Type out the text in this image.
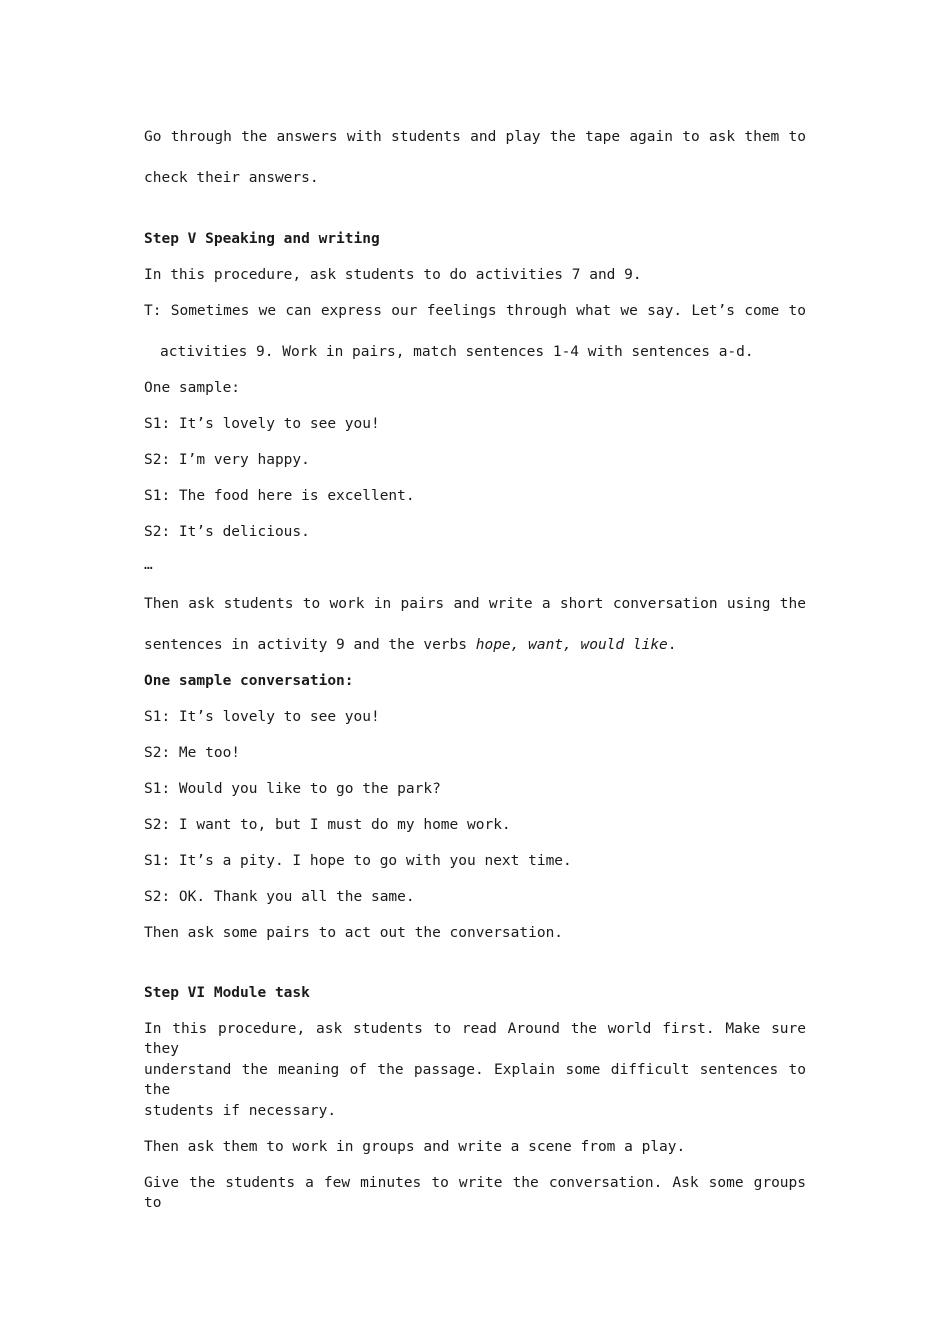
Go through the answers with students and play the tape again to ask them to
check their answers.
Step V Speaking and writing
In this procedure, ask students to do activities 7 and 9.
T: Sometimes we can express our feelings through what we say. Let’s come to
activities 9. Work in pairs, match sentences 1-4 with sentences a-d.
One sample:
S1: It’s lovely to see you!
S2: I’m very happy.
S1: The food here is excellent.
S2: It’s delicious.
…
Then ask students to work in pairs and write a short conversation using the
sentences in activity 9 and the verbs hope, want, would like.
One sample conversation:
S1: It’s lovely to see you!
S2: Me too!
S1: Would you like to go the park?
S2: I want to, but I must do my home work.
S1: It’s a pity. I hope to go with you next time.
S2: OK. Thank you all the same.
Then ask some pairs to act out the conversation.
Step VI Module task
In this procedure, ask students to read Around the world first. Make sure they
understand the meaning of the passage. Explain some difficult sentences to the
students if necessary.
Then ask them to work in groups and write a scene from a play.
Give the students a few minutes to write the conversation. Ask some groups to
